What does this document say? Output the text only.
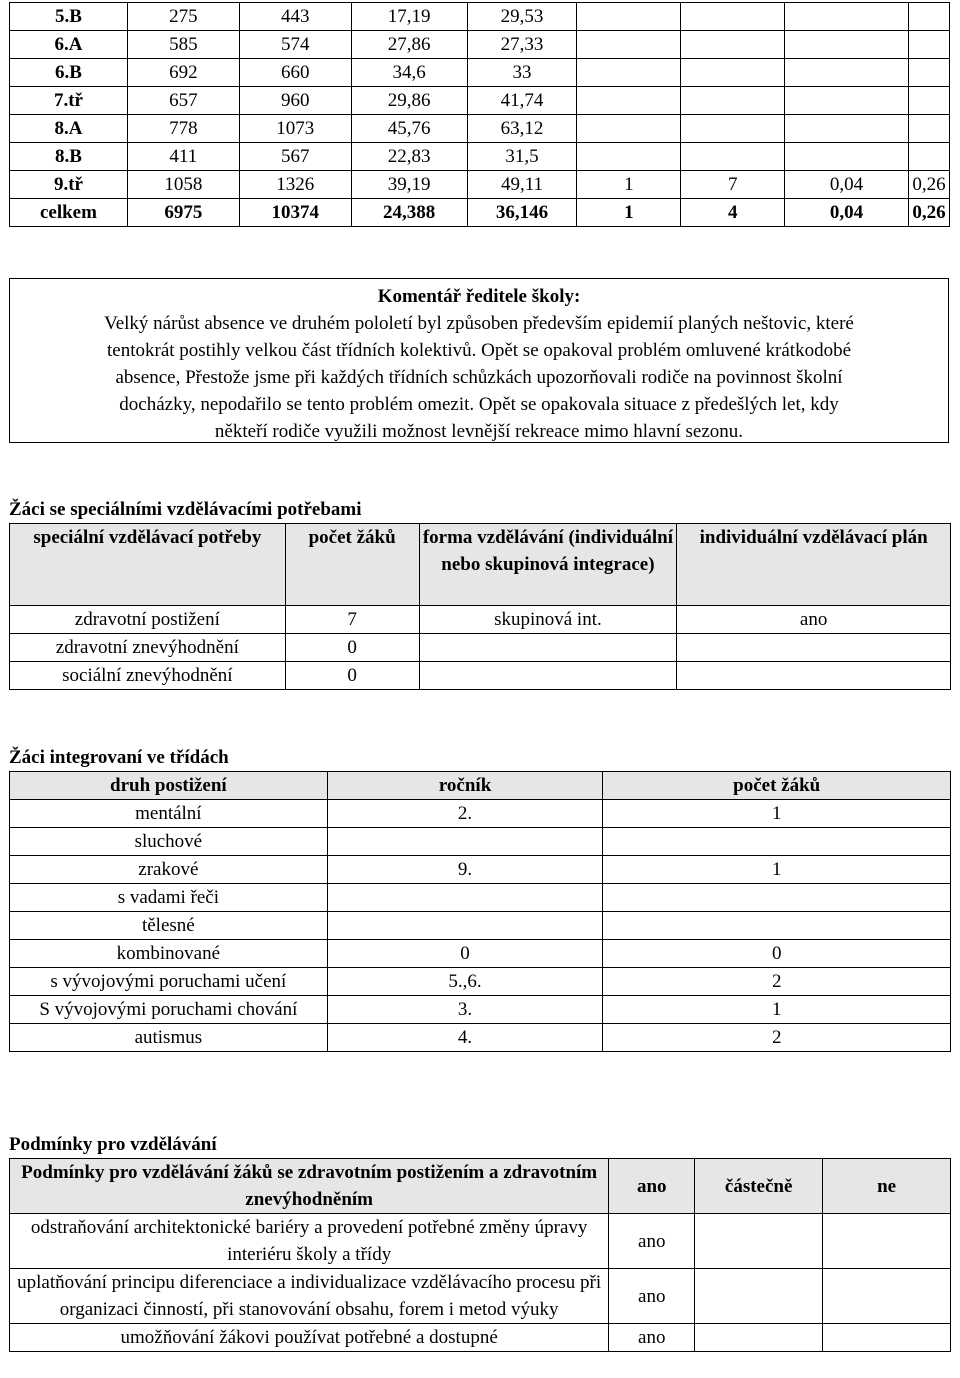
5.B	275	443	17,19	29,53				
6.A	585	574	27,86	27,33				
6.B	692	660	34,6	33				
7.tř	657	960	29,86	41,74				
8.A	778	1073	45,76	63,12				
8.B	411	567	22,83	31,5				
9.tř	1058	1326	39,19	49,11	1	7	0,04	0,26
celkem	6975	10374	24,388	36,146	1	4	0,04	0,26
Komentář ředitele školy:
Velký nárůst absence ve druhém pololetí byl způsoben především epidemií planých neštovic, které
tentokrát postihly velkou část třídních kolektivů. Opět se opakoval problém omluvené krátkodobé
absence, Přestože jsme při každých třídních schůzkách upozorňovali rodiče na povinnost školní
docházky, nepodařilo se tento problém omezit. Opět se opakovala situace z předešlých let, kdy
někteří rodiče využili možnost levnější rekreace mimo hlavní sezonu.
Žáci se speciálními vzdělávacími potřebami
speciální vzdělávací potřeby	počet žáků	forma vzdělávání (individuální nebo skupinová integrace)	individuální vzdělávací plán
zdravotní postižení	7	skupinová int.	ano
zdravotní znevýhodnění	0		
sociální znevýhodnění	0		
Žáci integrovaní ve třídách
druh postižení	ročník	počet žáků
mentální	2.	1
sluchové		
zrakové	9.	1
s vadami řeči		
tělesné		
kombinované	0	0
s vývojovými poruchami učení	5.,6.	2
S vývojovými poruchami chování	3.	1
autismus	4.	2
Podmínky pro vzdělávání
Podmínky pro vzdělávání žáků se zdravotním postižením a zdravotním znevýhodněním	ano	částečně	ne
odstraňování architektonické bariéry a provedení potřebné změny úpravy interiéru školy a třídy	ano		
uplatňování principu diferenciace a individualizace vzdělávacího procesu při organizaci činností, při stanovování obsahu, forem i metod výuky	ano		
umožňování žákovi používat potřebné a dostupné	ano		
